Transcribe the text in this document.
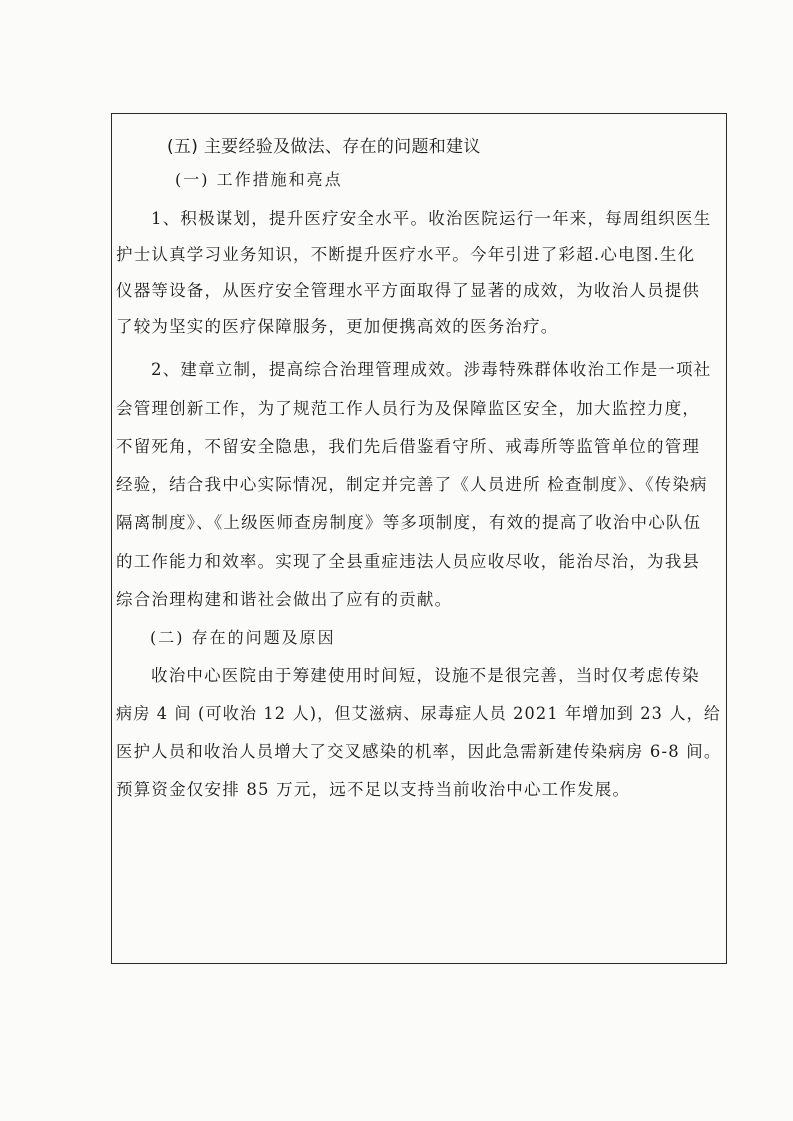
(五) 主要经验及做法、存在的问题和建议
(一) 工作措施和亮点

1、积极谋划，提升医疗安全水平。收治医院运行一年来，每周组织医生

护士认真学习业务知识，不断提升医疗水平。今年引进了彩超.心电图.生化

仪器等设备，从医疗安全管理水平方面取得了显著的成效，为收治人员提供

了较为坚实的医疗保障服务，更加便携高效的医务治疗。

2、建章立制，提高综合治理管理成效。涉毒特殊群体收治工作是一项社

会管理创新工作，为了规范工作人员行为及保障监区安全，加大监控力度，

不留死角，不留安全隐患，我们先后借鉴看守所、戒毒所等监管单位的管理

经验，结合我中心实际情况，制定并完善了《人员进所 检查制度》、《传染病

隔离制度》、《上级医师查房制度》等多项制度，有效的提高了收治中心队伍

的工作能力和效率。实现了全县重症违法人员应收尽收，能治尽治，为我县

综合治理构建和谐社会做出了应有的贡献。

(二) 存在的问题及原因

收治中心医院由于筹建使用时间短，设施不是很完善，当时仅考虑传染

病房 4 间 (可收治 12 人)，但艾滋病、尿毒症人员 2021 年增加到 23 人，给

医护人员和收治人员增大了交叉感染的机率，因此急需新建传染病房 6-8 间。

预算资金仅安排 85 万元，远不足以支持当前收治中心工作发展。
